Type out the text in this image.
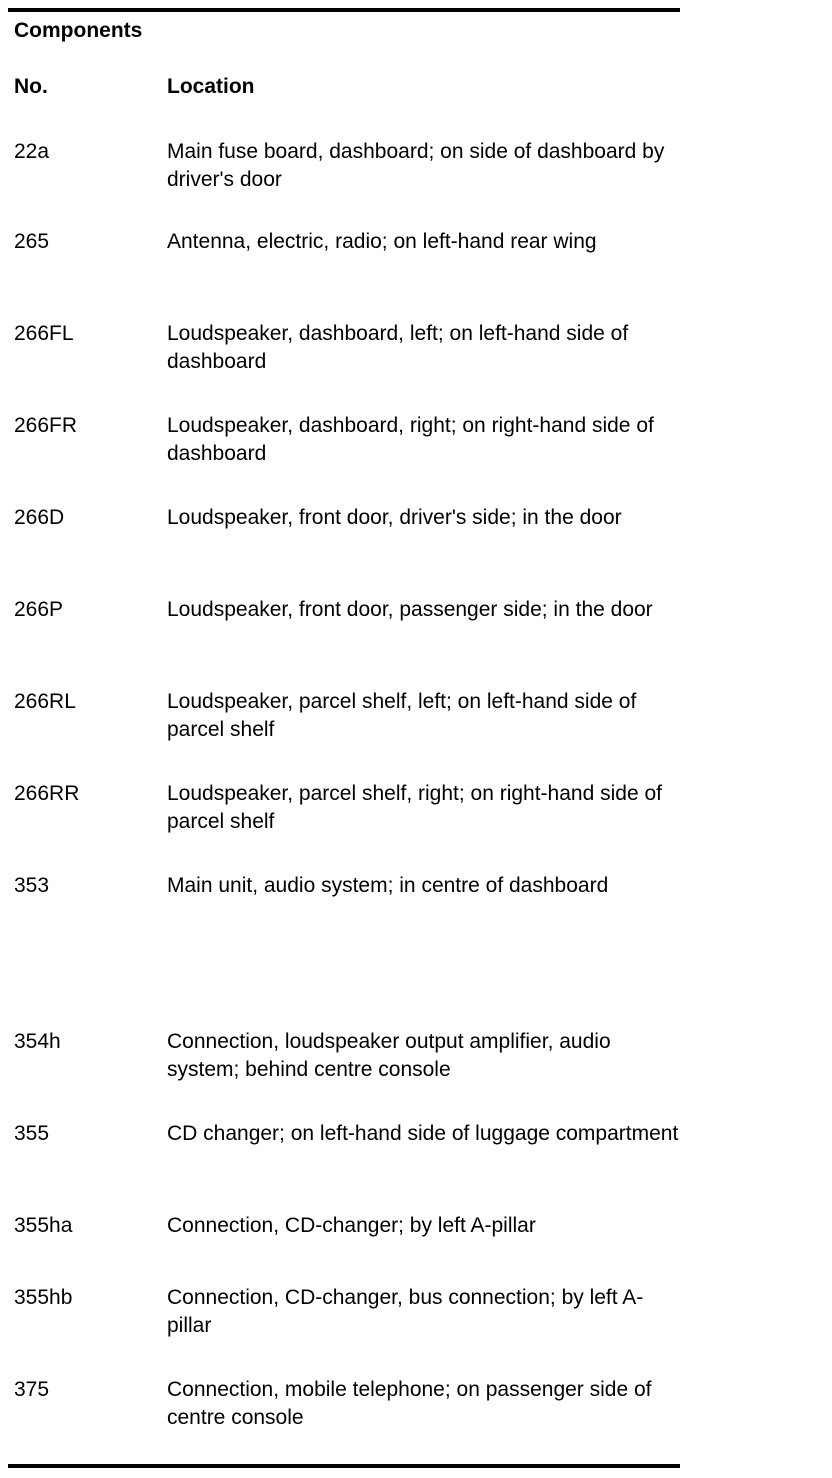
Components
No.	Location
22a	Main fuse board, dashboard; on side of dashboard by driver's door
265	Antenna, electric, radio; on left-hand rear wing
266FL	Loudspeaker, dashboard, left; on left-hand side of dashboard
266FR	Loudspeaker, dashboard, right; on right-hand side of dashboard
266D	Loudspeaker, front door, driver's side; in the door
266P	Loudspeaker, front door, passenger side; in the door
266RL	Loudspeaker, parcel shelf, left; on left-hand side of parcel shelf
266RR	Loudspeaker, parcel shelf, right; on right-hand side of parcel shelf
353	Main unit, audio system; in centre of dashboard
354h	Connection, loudspeaker output amplifier, audio system; behind centre console
355	CD changer; on left-hand side of luggage compartment
355ha	Connection, CD-changer; by left A-pillar
355hb	Connection, CD-changer, bus connection; by left A-pillar
375	Connection, mobile telephone; on passenger side of centre console
